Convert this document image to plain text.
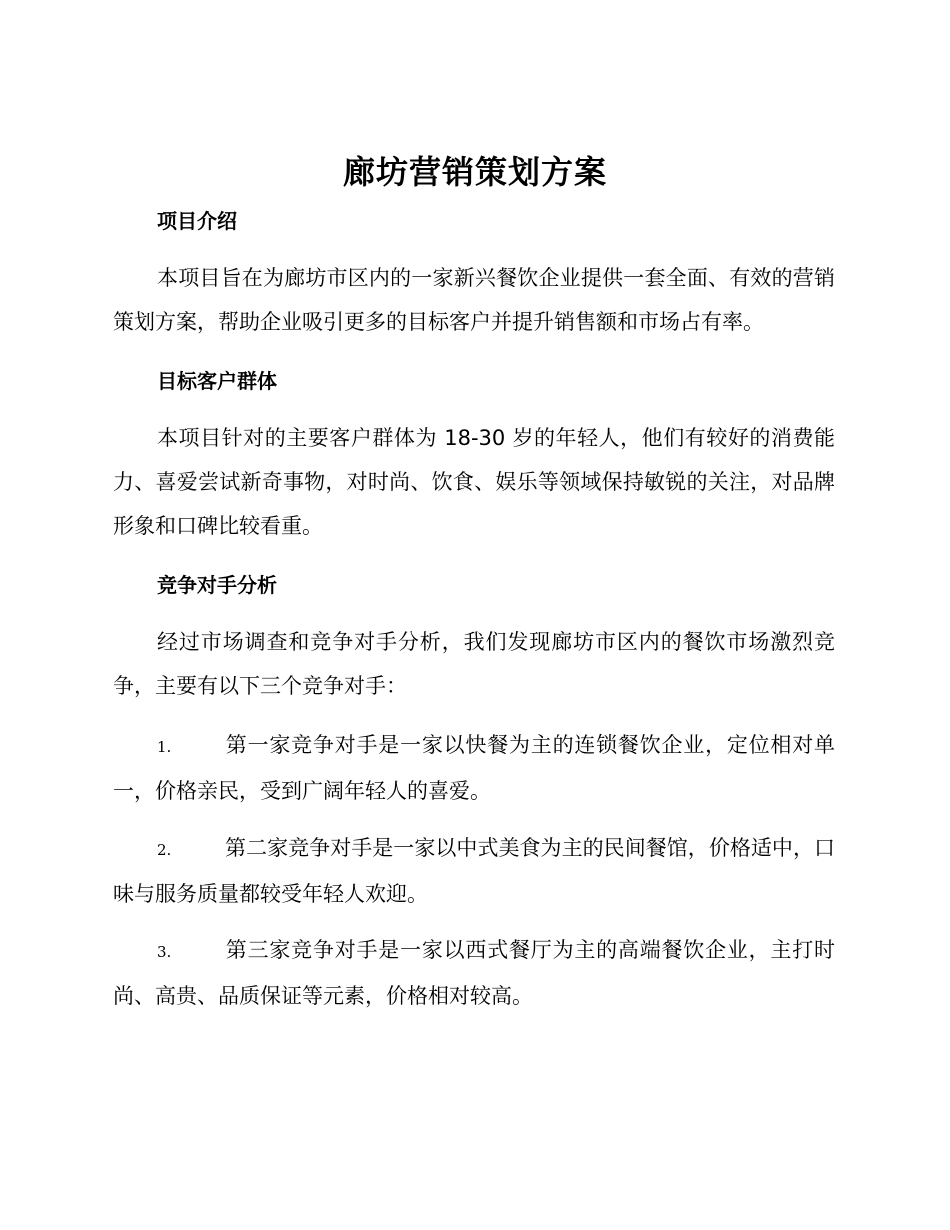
廊坊营销策划方案
项目介绍

本项目旨在为廊坊市区内的一家新兴餐饮企业提供一套全面、有效的营销策划方案，帮助企业吸引更多的目标客户并提升销售额和市场占有率。

目标客户群体

本项目针对的主要客户群体为 18-30 岁的年轻人，他们有较好的消费能力、喜爱尝试新奇事物，对时尚、饮食、娱乐等领域保持敏锐的关注，对品牌形象和口碑比较看重。

竞争对手分析

经过市场调查和竞争对手分析，我们发现廊坊市区内的餐饮市场激烈竞争，主要有以下三个竞争对手：

1.	第一家竞争对手是一家以快餐为主的连锁餐饮企业，定位相对单一，价格亲民，受到广阔年轻人的喜爱。

2.	第二家竞争对手是一家以中式美食为主的民间餐馆，价格适中，口味与服务质量都较受年轻人欢迎。

3.	第三家竞争对手是一家以西式餐厅为主的高端餐饮企业，主打时尚、高贵、品质保证等元素，价格相对较高。
